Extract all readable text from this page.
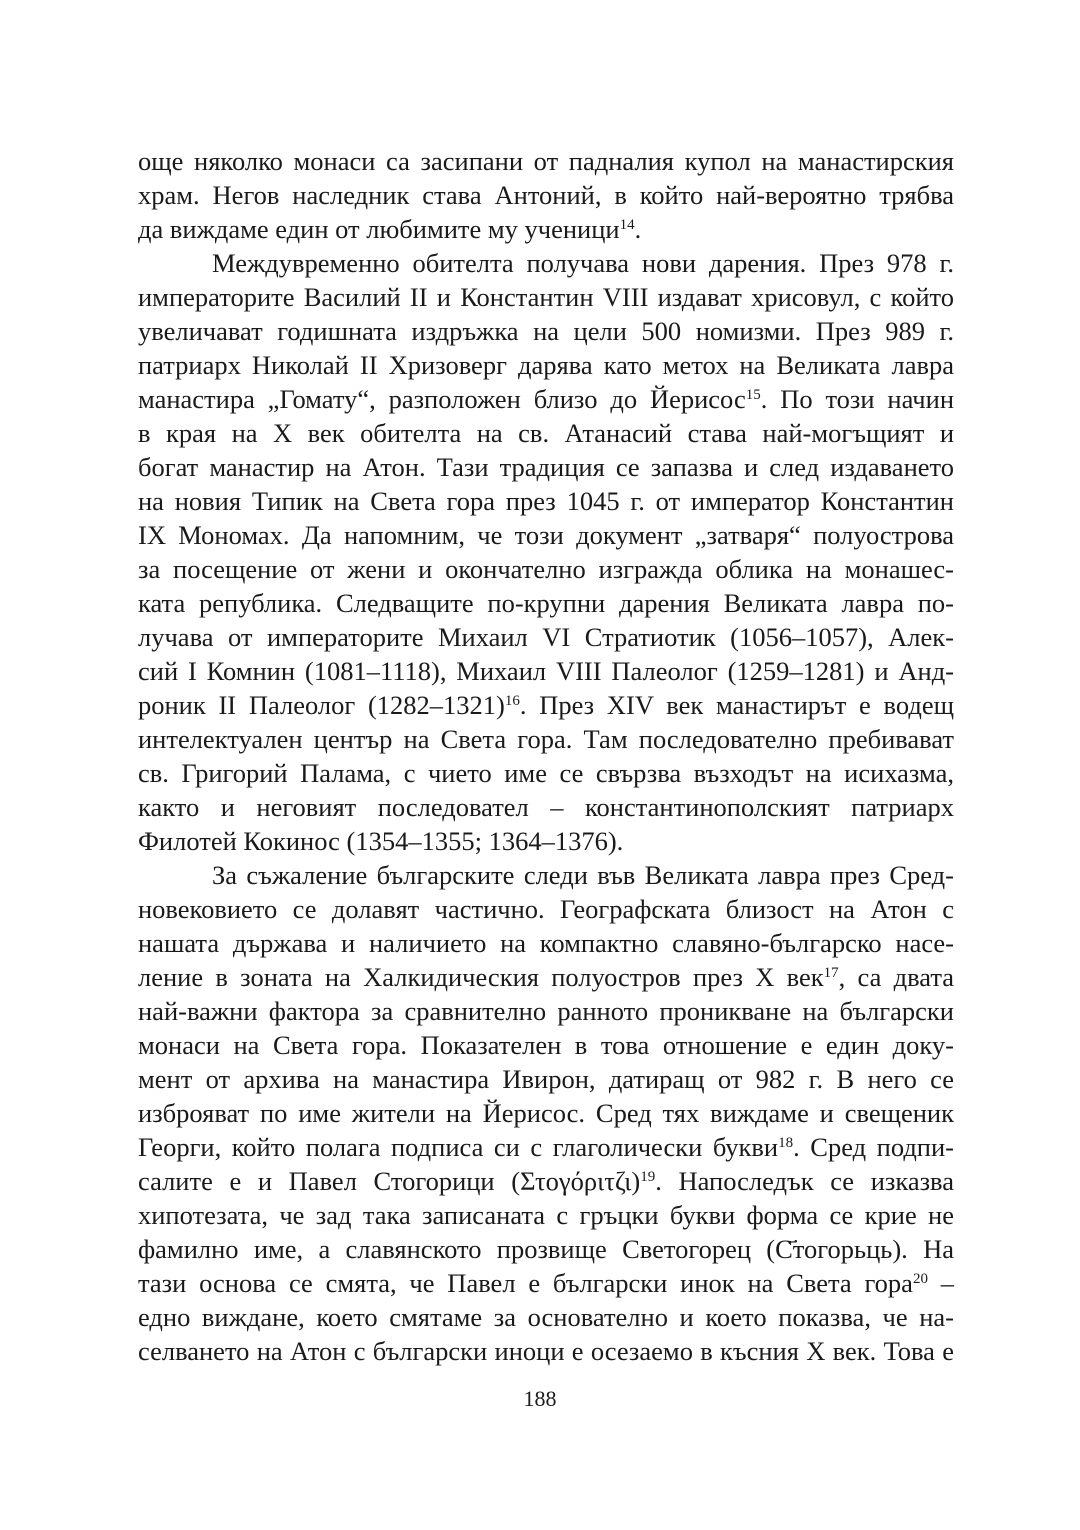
още няколко монаси са засипани от падналия купол на манастирския
храм. Негов наследник става Антоний, в който най-вероятно трябва
да виждаме един от любимите му ученици$^{14}$.
Междувременно обителта получава нови дарения. През 978 г.
императорите Василий II и Константин VIII издават хрисовул, с който
увеличават годишната издръжка на цели 500 номизми. През 989 г.
патриарх Николай II Хризоверг дарява като метох на Великата лавра
манастира „Гомату“, разположен близо до Йерисос$^{15}$. По този начин
в края на X век обителта на св. Атанасий става най-могъщият и
богат манастир на Атон. Тази традиция се запазва и след издаването
на новия Типик на Света гора през 1045 г. от император Константин
IX Мономах. Да напомним, че този документ „затваря“ полуострова
за посещение от жени и окончателно изгражда облика на монашес-
ката република. Следващите по-крупни дарения Великата лавра по-
лучава от императорите Михаил VI Стратиотик (1056–1057), Алек-
сий I Комнин (1081–1118), Михаил VIII Палеолог (1259–1281) и Анд-
роник II Палеолог (1282–1321)$^{16}$. През XIV век манастирът е водещ
интелектуален център на Света гора. Там последователно пребивават
св. Григорий Палама, с чието име се свързва възходът на исихазма,
както и неговият последовател – константинополският патриарх
Филотей Кокинос (1354–1355; 1364–1376).
За съжаление българските следи във Великата лавра през Сред-
новековието се долавят частично. Географската близост на Атон с
нашата държава и наличието на компактно славяно-българско насе-
ление в зоната на Халкидическия полуостров през X век$^{17}$, са двата
най-важни фактора за сравнително ранното проникване на български
монаси на Света гора. Показателен в това отношение е един доку-
мент от архива на манастира Ивирон, датиращ от 982 г. В него се
изброяват по име жители на Йерисос. Сред тях виждаме и свещеник
Георги, който полага подписа си с глаголически букви$^{18}$. Сред подпи-
салите е и Павел Стогорици $(\Sigma\tau o\gamma ό\rho\iota\tau\zeta\iota)^{19}$. Напоследък се изказва
хипотезата, че зад така записаната с гръцки букви форма се крие не
фамилно име, а славянското прозвище Светогорец (С҃тогорьць). На
тази основа се смята, че Павел е български инок на Света гора$^{20}$ –
едно виждане, което смятаме за основателно и което показва, че на-
селването на Атон с български иноци е осезаемо в късния X век. Това е
188
